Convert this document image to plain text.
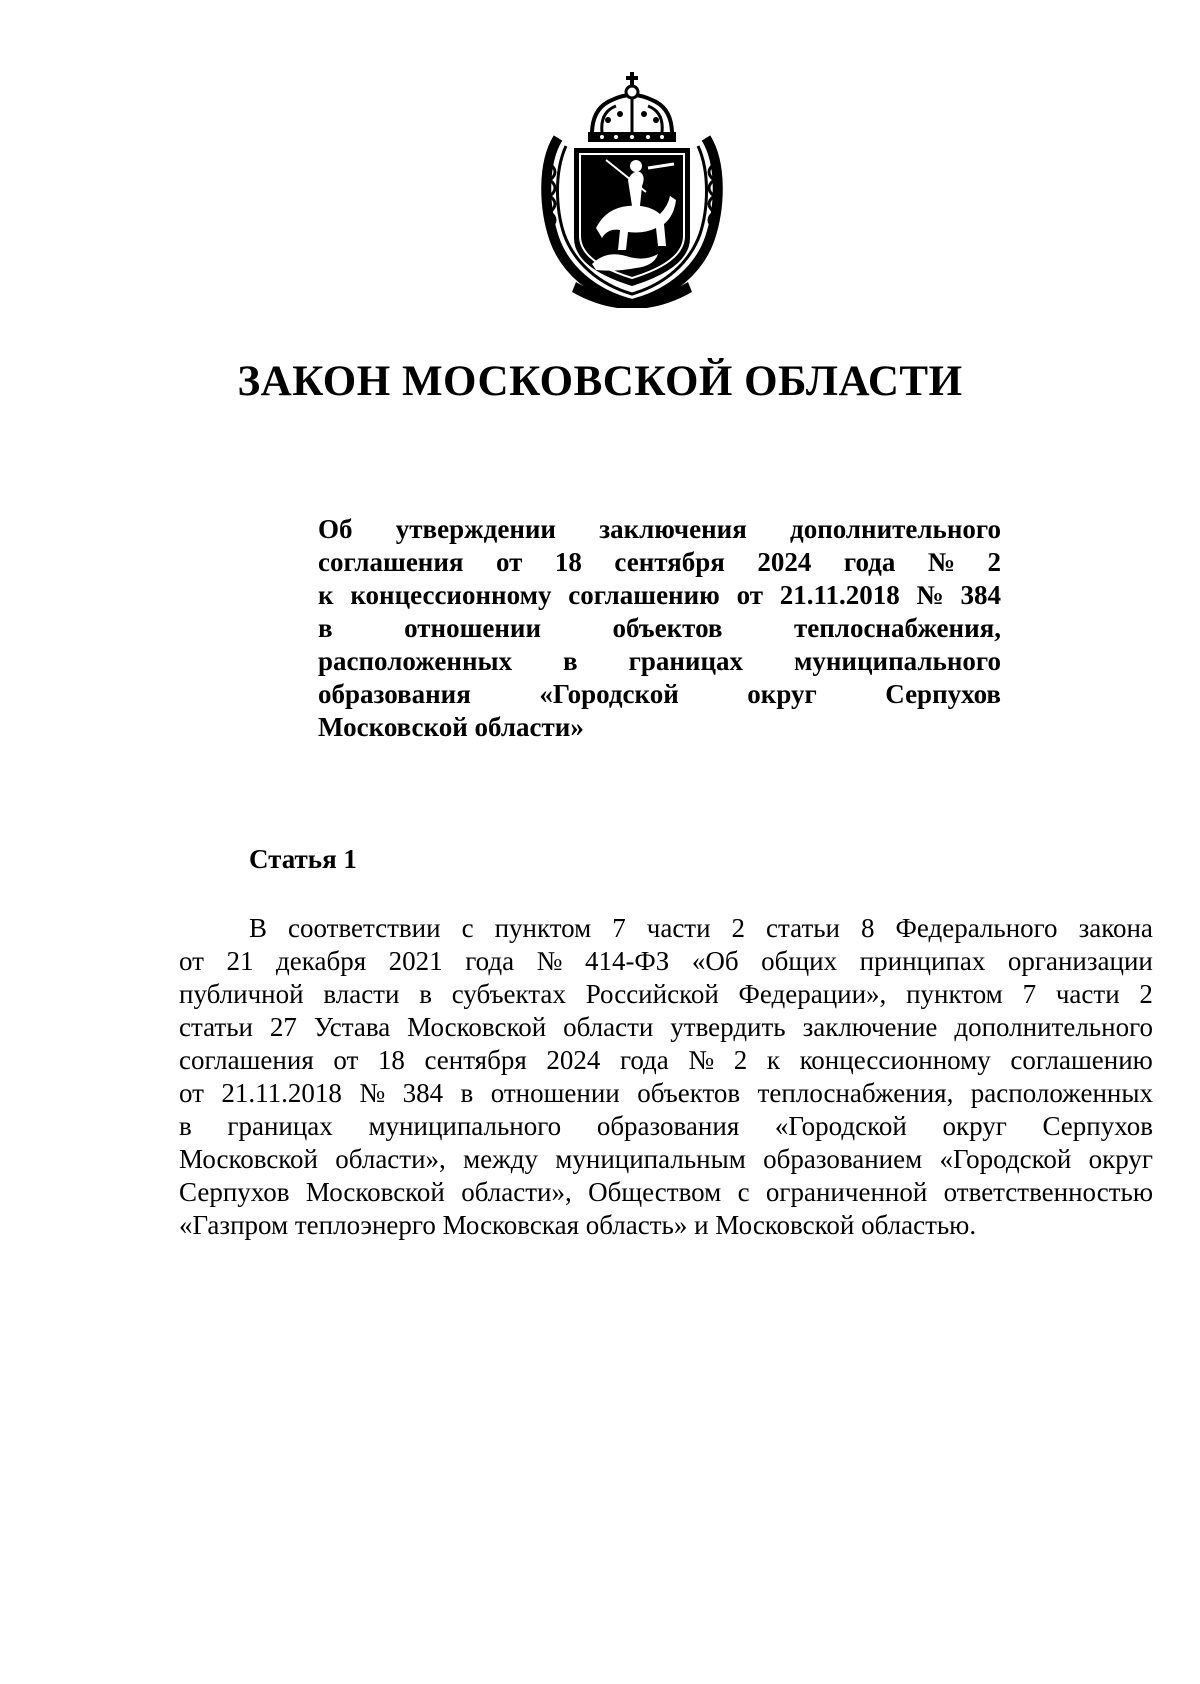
ЗАКОН МОСКОВСКОЙ ОБЛАСТИ
Об утверждении заключения дополнительного
соглашения от 18 сентября 2024 года № 2
к концессионному соглашению от 21.11.2018 № 384
в	отношении	объектов	теплоснабжения,
расположенных в границах муниципального
образования	«Городской	округ	Серпухов
Московской области»
Статья 1
В соответствии с пунктом 7 части 2 статьи 8 Федерального закона
от 21 декабря 2021 года № 414-ФЗ «Об общих принципах организации
публичной власти в субъектах Российской Федерации», пунктом 7 части 2
статьи 27 Устава Московской области утвердить заключение дополнительного
соглашения от 18 сентября 2024 года № 2 к концессионному соглашению
от 21.11.2018 № 384 в отношении объектов теплоснабжения, расположенных
в границах муниципального образования «Городской округ Серпухов
Московской области», между муниципальным образованием «Городской округ
Серпухов Московской области», Обществом с ограниченной ответственностью
«Газпром теплоэнерго Московская область» и Московской областью.
